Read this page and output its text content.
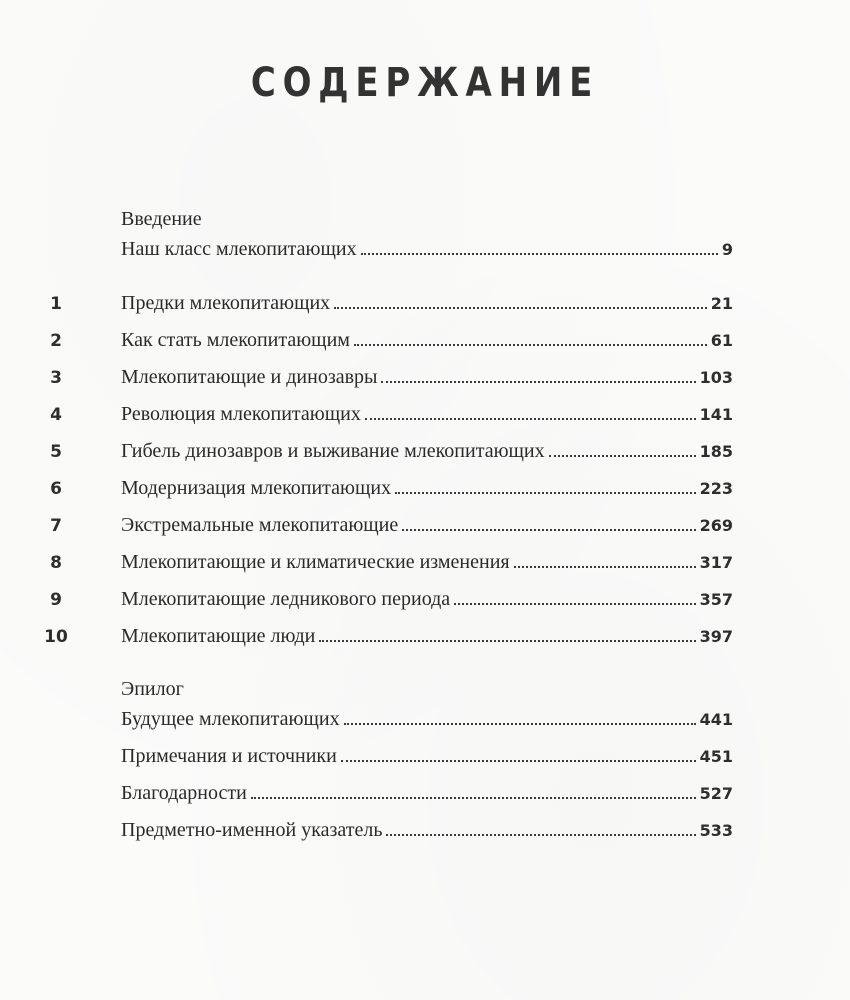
СОДЕРЖАНИЕ
Введение
Наш класс млекопитающих	9
1	Предки млекопитающих	21
2	Как стать млекопитающим	61
3	Млекопитающие и динозавры	103
4	Революция млекопитающих	141
5	Гибель динозавров и выживание млекопитающих	185
6	Модернизация млекопитающих	223
7	Экстремальные млекопитающие	269
8	Млекопитающие и климатические изменения	317
9	Млекопитающие ледникового периода	357
10	Млекопитающие люди	397
Эпилог
Будущее млекопитающих	441
Примечания и источники	451
Благодарности	527
Предметно-именной указатель	533
